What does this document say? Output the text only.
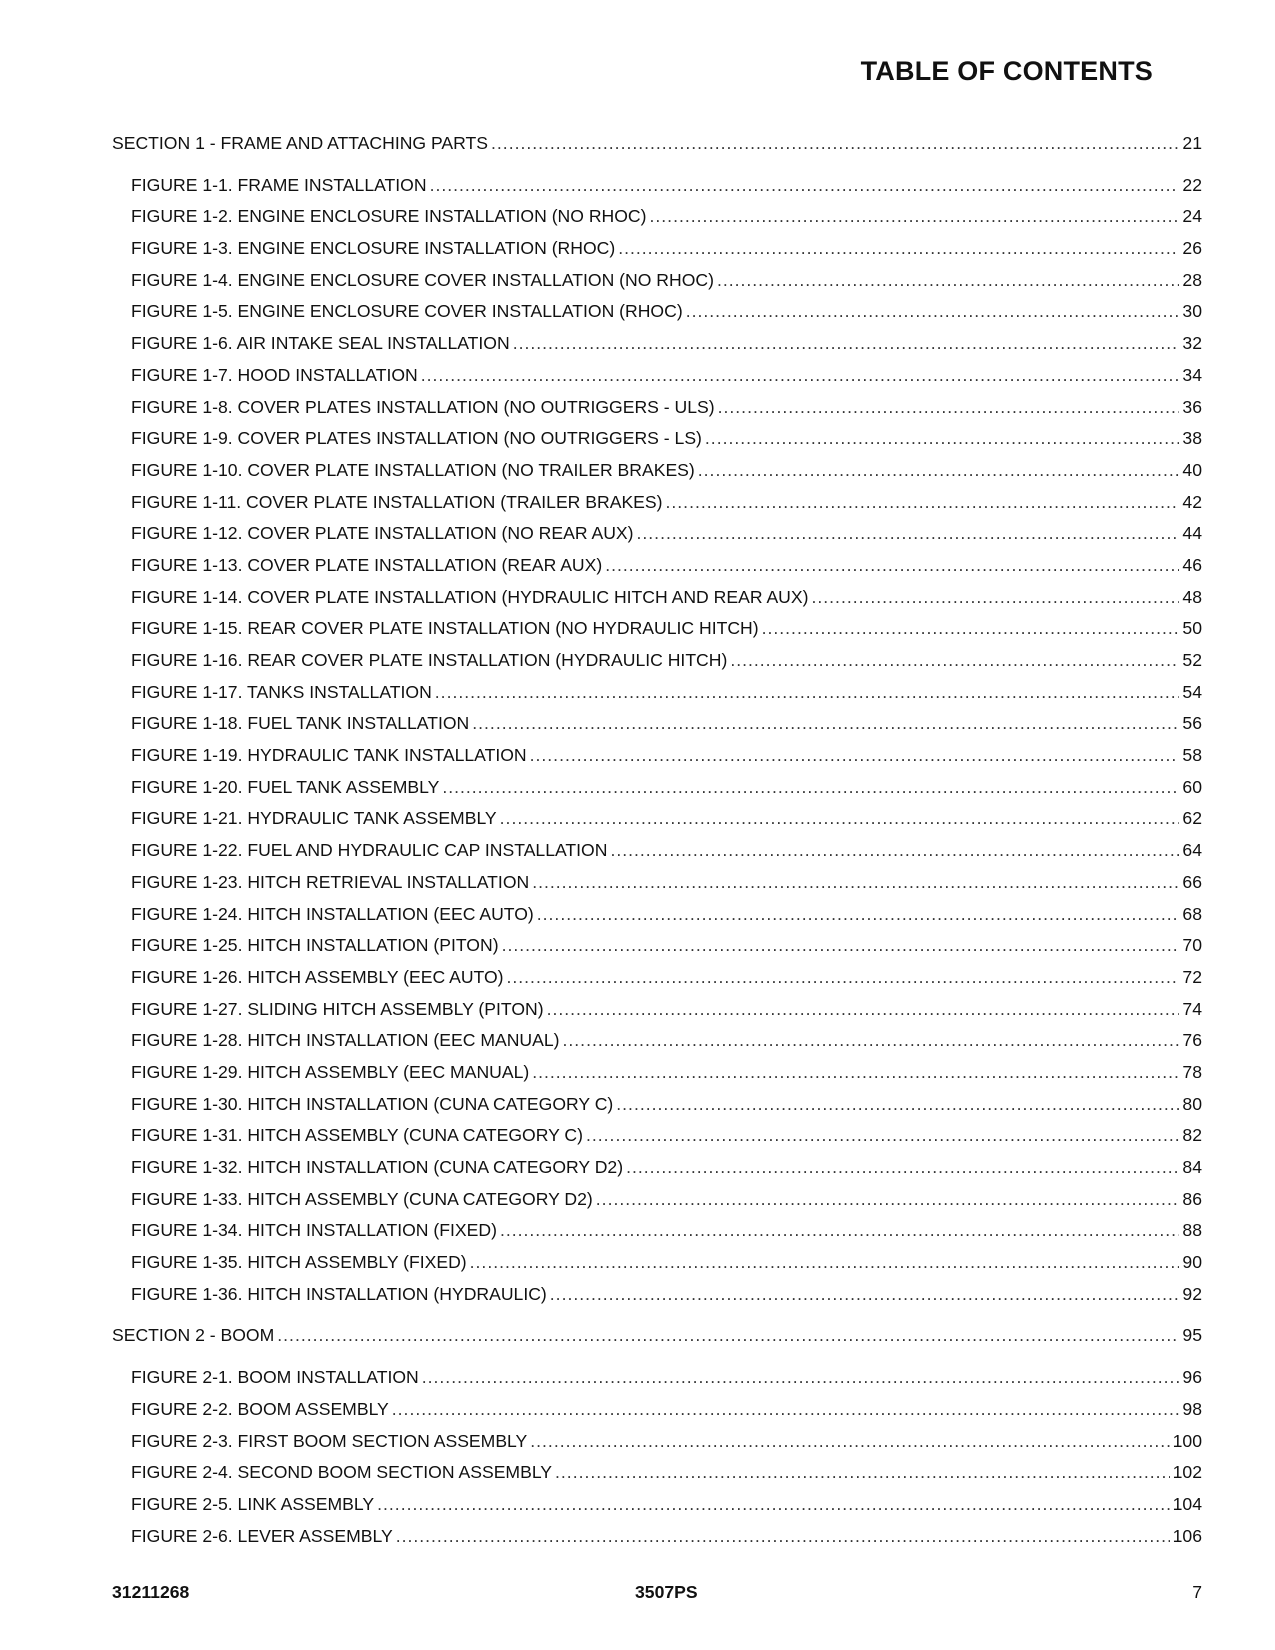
TABLE OF CONTENTS
SECTION 1 - FRAME AND ATTACHING PARTS .....	21
FIGURE 1-1. FRAME INSTALLATION .....	22
FIGURE 1-2. ENGINE ENCLOSURE INSTALLATION (NO RHOC) .....	24
FIGURE 1-3. ENGINE ENCLOSURE INSTALLATION (RHOC) .....	26
FIGURE 1-4. ENGINE ENCLOSURE COVER INSTALLATION (NO RHOC) .....	28
FIGURE 1-5. ENGINE ENCLOSURE COVER INSTALLATION (RHOC) .....	30
FIGURE 1-6. AIR INTAKE SEAL INSTALLATION .....	32
FIGURE 1-7. HOOD INSTALLATION .....	34
FIGURE 1-8. COVER PLATES INSTALLATION (NO OUTRIGGERS - ULS) .....	36
FIGURE 1-9. COVER PLATES INSTALLATION (NO OUTRIGGERS - LS) .....	38
FIGURE 1-10. COVER PLATE INSTALLATION (NO TRAILER BRAKES) .....	40
FIGURE 1-11. COVER PLATE INSTALLATION (TRAILER BRAKES) .....	42
FIGURE 1-12. COVER PLATE INSTALLATION (NO REAR AUX) .....	44
FIGURE 1-13. COVER PLATE INSTALLATION (REAR AUX) .....	46
FIGURE 1-14. COVER PLATE INSTALLATION (HYDRAULIC HITCH AND REAR AUX) .....	48
FIGURE 1-15. REAR COVER PLATE INSTALLATION (NO HYDRAULIC HITCH) .....	50
FIGURE 1-16. REAR COVER PLATE INSTALLATION (HYDRAULIC HITCH) .....	52
FIGURE 1-17. TANKS INSTALLATION .....	54
FIGURE 1-18. FUEL TANK INSTALLATION .....	56
FIGURE 1-19. HYDRAULIC TANK INSTALLATION .....	58
FIGURE 1-20. FUEL TANK ASSEMBLY .....	60
FIGURE 1-21. HYDRAULIC TANK ASSEMBLY .....	62
FIGURE 1-22. FUEL AND HYDRAULIC CAP INSTALLATION .....	64
FIGURE 1-23. HITCH RETRIEVAL INSTALLATION .....	66
FIGURE 1-24. HITCH INSTALLATION (EEC AUTO) .....	68
FIGURE 1-25. HITCH INSTALLATION (PITON) .....	70
FIGURE 1-26. HITCH ASSEMBLY (EEC AUTO) .....	72
FIGURE 1-27. SLIDING HITCH ASSEMBLY (PITON) .....	74
FIGURE 1-28. HITCH INSTALLATION (EEC MANUAL) .....	76
FIGURE 1-29. HITCH ASSEMBLY (EEC MANUAL) .....	78
FIGURE 1-30. HITCH INSTALLATION (CUNA CATEGORY C) .....	80
FIGURE 1-31. HITCH ASSEMBLY (CUNA CATEGORY C) .....	82
FIGURE 1-32. HITCH INSTALLATION (CUNA CATEGORY D2) .....	84
FIGURE 1-33. HITCH ASSEMBLY (CUNA CATEGORY D2) .....	86
FIGURE 1-34. HITCH INSTALLATION (FIXED) .....	88
FIGURE 1-35. HITCH ASSEMBLY (FIXED) .....	90
FIGURE 1-36. HITCH INSTALLATION (HYDRAULIC) .....	92
SECTION 2 - BOOM .....	95
FIGURE 2-1. BOOM INSTALLATION .....	96
FIGURE 2-2. BOOM ASSEMBLY .....	98
FIGURE 2-3. FIRST BOOM SECTION ASSEMBLY .....	100
FIGURE 2-4. SECOND BOOM SECTION ASSEMBLY .....	102
FIGURE 2-5. LINK ASSEMBLY .....	104
FIGURE 2-6. LEVER ASSEMBLY .....	106
31211268	3507PS	7
